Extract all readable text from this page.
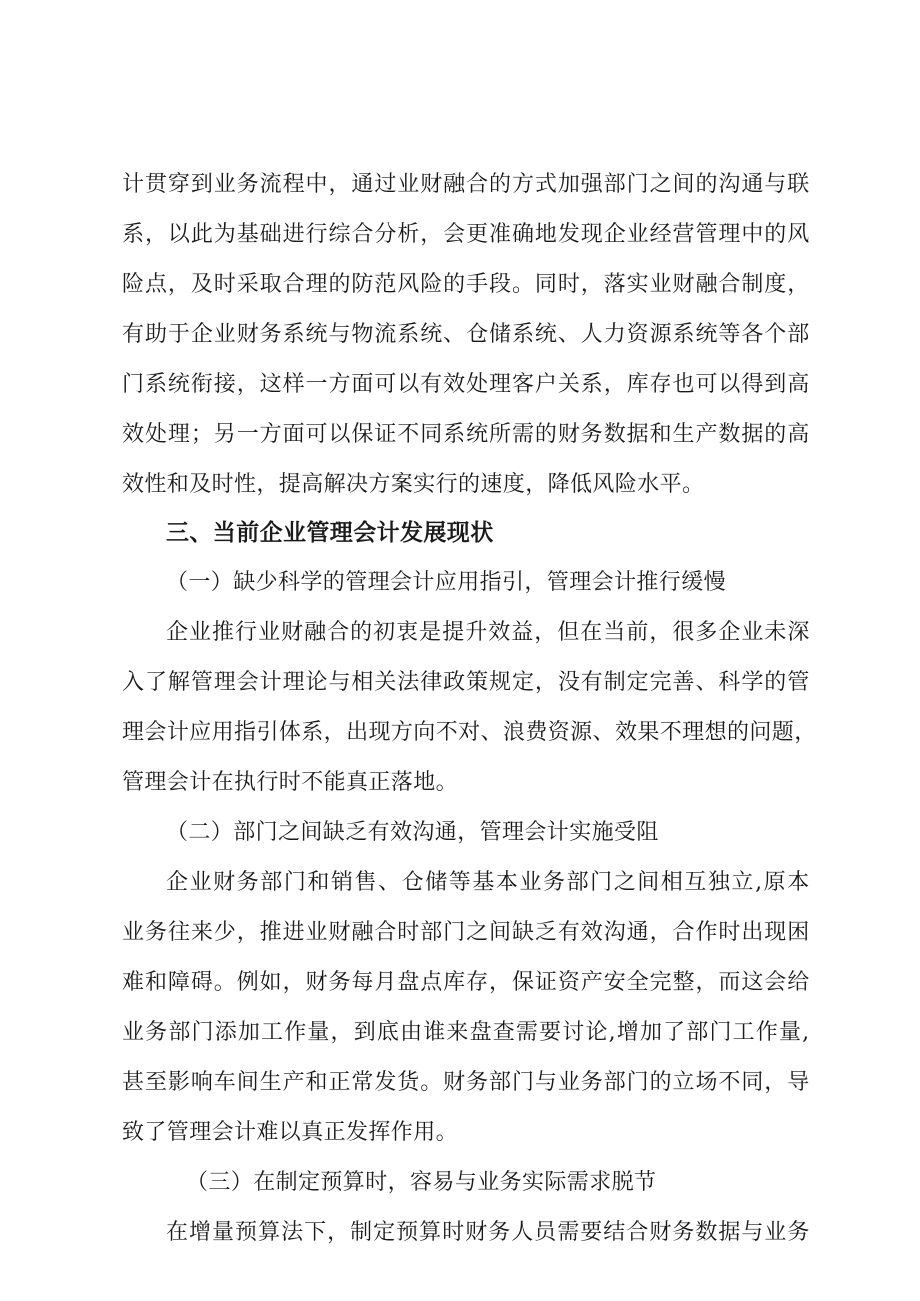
计 贯 穿 到 业 务 流 程 中 ， 通 过 业 财 融 合 的 方 式 加 强 部 门 之 间 的 沟 通 与 联
系 ， 以 此 为 基 础 进 行 综 合 分 析 ， 会 更 准 确 地 发 现 企 业 经 营 管 理 中 的 风
险 点 ， 及 时 采 取 合 理 的 防 范 风 险 的 手 段 。 同 时 ， 落 实 业 财 融 合 制 度 ，
有 助 于 企 业 财 务 系 统 与 物 流 系 统 、 仓 储 系 统 、 人 力 资 源 系 统 等 各 个 部
门 系 统 衔 接 ， 这 样 一 方 面 可 以 有 效 处 理 客 户 关 系 ， 库 存 也 可 以 得 到 高
效 处 理 ； 另 一 方 面 可 以 保 证 不 同 系 统 所 需 的 财 务 数 据 和 生 产 数 据 的 高
效性和及时性，提高解决方案实行的速度，降低风险水平。
三、当前企业管理会计发展现状
（一）缺少科学的管理会计应用指引，管理会计推行缓慢
企 业 推 行 业 财 融 合 的 初 衷 是 提 升 效 益 ， 但 在 当 前 ， 很 多 企 业 未 深
入 了 解 管 理 会 计 理 论 与 相 关 法 律 政 策 规 定 ， 没 有 制 定 完 善 、 科 学 的 管
理 会 计 应 用 指 引 体 系 ， 出 现 方 向 不 对 、 浪 费 资 源 、 效 果 不 理 想 的 问 题 ，
管理会计在执行时不能真正落地。
（二）部门之间缺乏有效沟通，管理会计实施受阻
企 业 财 务 部 门 和 销 售 、 仓 储 等 基 本 业 务 部 门 之 间 相 互 独 立 , 原 本
业 务 往 来 少 ， 推 进 业 财 融 合 时 部 门 之 间 缺 乏 有 效 沟 通 ， 合 作 时 出 现 困
难 和 障 碍 。 例 如 ， 财 务 每 月 盘 点 库 存 ， 保 证 资 产 安 全 完 整 ， 而 这 会 给
业 务 部 门 添 加 工 作 量 ， 到 底 由 谁 来 盘 查 需 要 讨 论 , 增 加 了 部 门 工 作 量 ,
甚 至 影 响 车 间 生 产 和 正 常 发 货 。 财 务 部 门 与 业 务 部 门 的 立 场 不 同 ， 导
致了管理会计难以真正发挥作用。
（三）在制定预算时，容易与业务实际需求脱节
在 增 量 预 算 法 下 ， 制 定 预 算 时 财 务 人 员 需 要 结 合 财 务 数 据 与 业 务
